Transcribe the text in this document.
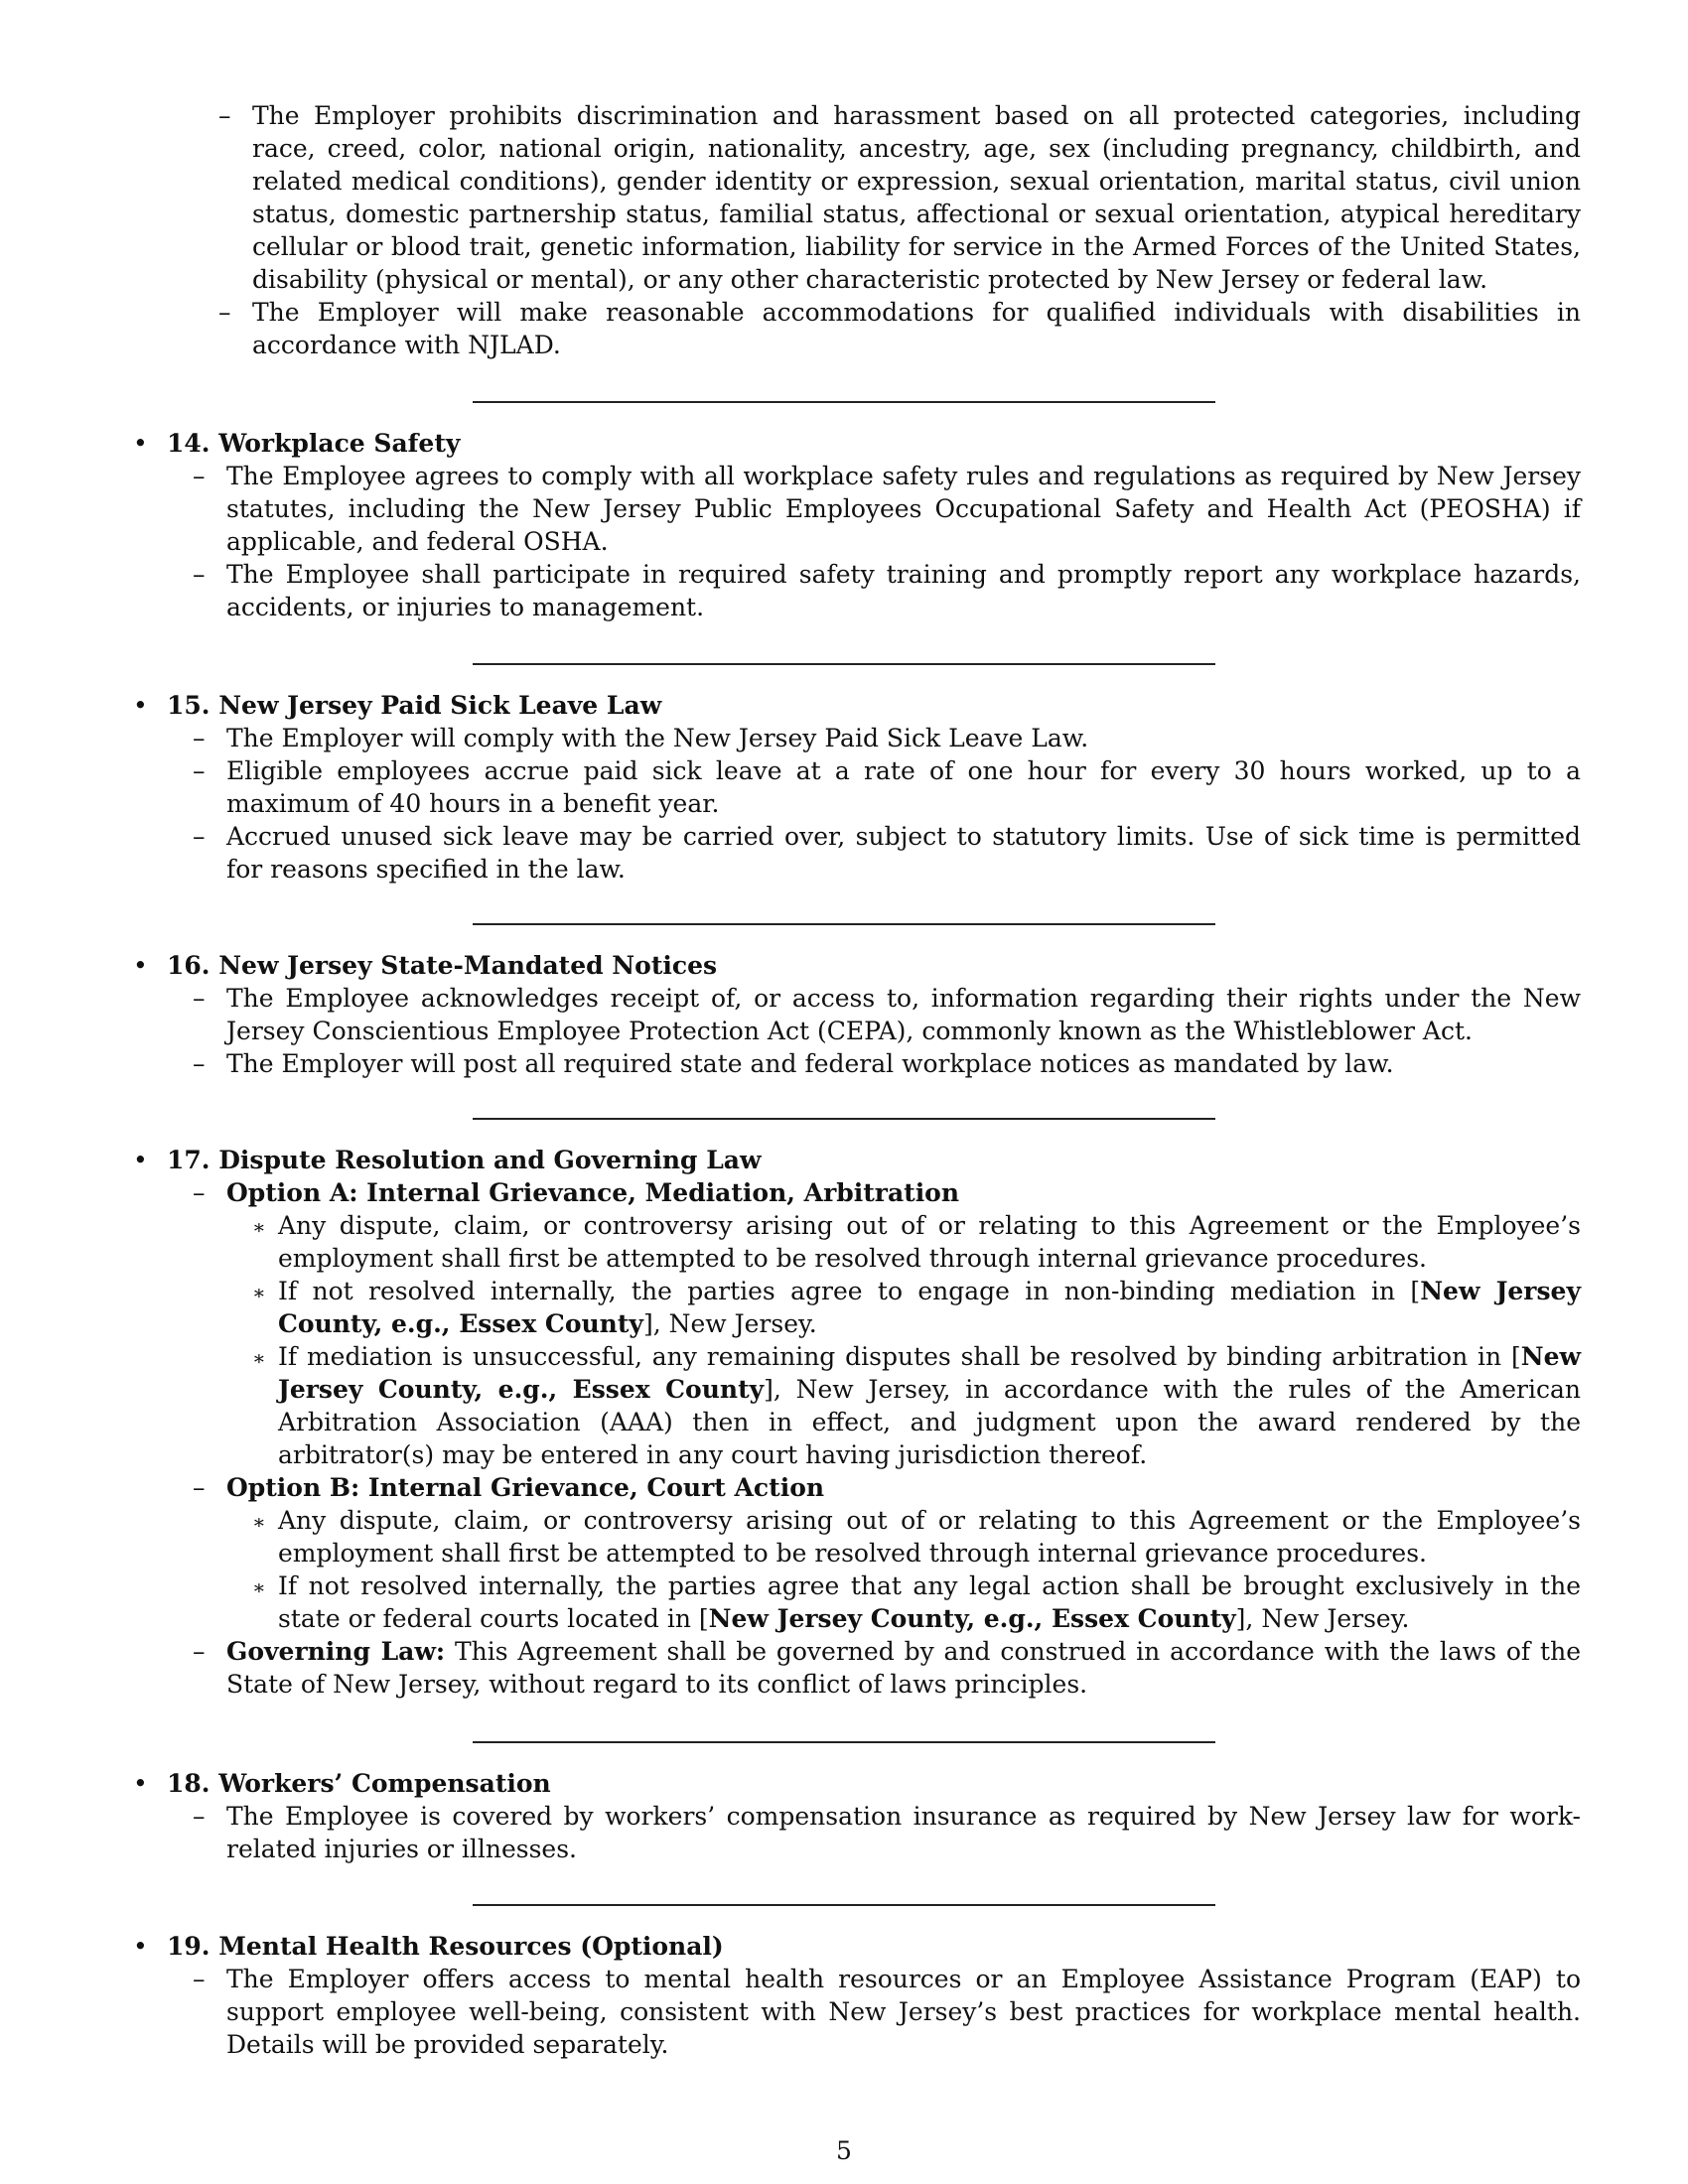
– The Employer prohibits discrimination and harassment based on all protected categories, including race, creed, color, national origin, nationality, ancestry, age, sex (including pregnancy, childbirth, and related medical conditions), gender identity or expression, sexual orientation, marital status, civil union status, domestic partnership status, familial status, affectional or sexual orientation, atypical hereditary cellular or blood trait, genetic information, liability for service in the Armed Forces of the United States, disability (physical or mental), or any other characteristic protected by New Jersey or federal law.
– The Employer will make reasonable accommodations for qualified individuals with disabilities in accordance with NJLAD.
• 14. Workplace Safety
– The Employee agrees to comply with all workplace safety rules and regulations as required by New Jersey statutes, including the New Jersey Public Employees Occupational Safety and Health Act (PEOSHA) if applicable, and federal OSHA.
– The Employee shall participate in required safety training and promptly report any workplace hazards, accidents, or injuries to management.
• 15. New Jersey Paid Sick Leave Law
– The Employer will comply with the New Jersey Paid Sick Leave Law.
– Eligible employees accrue paid sick leave at a rate of one hour for every 30 hours worked, up to a maximum of 40 hours in a benefit year.
– Accrued unused sick leave may be carried over, subject to statutory limits. Use of sick time is permitted for reasons specified in the law.
• 16. New Jersey State-Mandated Notices
– The Employee acknowledges receipt of, or access to, information regarding their rights under the New Jersey Conscientious Employee Protection Act (CEPA), commonly known as the Whistleblower Act.
– The Employer will post all required state and federal workplace notices as mandated by law.
• 17. Dispute Resolution and Governing Law
– Option A: Internal Grievance, Mediation, Arbitration
∗ Any dispute, claim, or controversy arising out of or relating to this Agreement or the Employee’s employment shall first be attempted to be resolved through internal grievance procedures.
∗ If not resolved internally, the parties agree to engage in non-binding mediation in [New Jersey County, e.g., Essex County], New Jersey.
∗ If mediation is unsuccessful, any remaining disputes shall be resolved by binding arbitration in [New Jersey County, e.g., Essex County], New Jersey, in accordance with the rules of the American Arbitration Association (AAA) then in effect, and judgment upon the award rendered by the arbitrator(s) may be entered in any court having jurisdiction thereof.
– Option B: Internal Grievance, Court Action
∗ Any dispute, claim, or controversy arising out of or relating to this Agreement or the Employee’s employment shall first be attempted to be resolved through internal grievance procedures.
∗ If not resolved internally, the parties agree that any legal action shall be brought exclusively in the state or federal courts located in [New Jersey County, e.g., Essex County], New Jersey.
– Governing Law: This Agreement shall be governed by and construed in accordance with the laws of the State of New Jersey, without regard to its conflict of laws principles.
• 18. Workers’ Compensation
– The Employee is covered by workers’ compensation insurance as required by New Jersey law for work-related injuries or illnesses.
• 19. Mental Health Resources (Optional)
– The Employer offers access to mental health resources or an Employee Assistance Program (EAP) to support employee well-being, consistent with New Jersey’s best practices for workplace mental health. Details will be provided separately.
5
